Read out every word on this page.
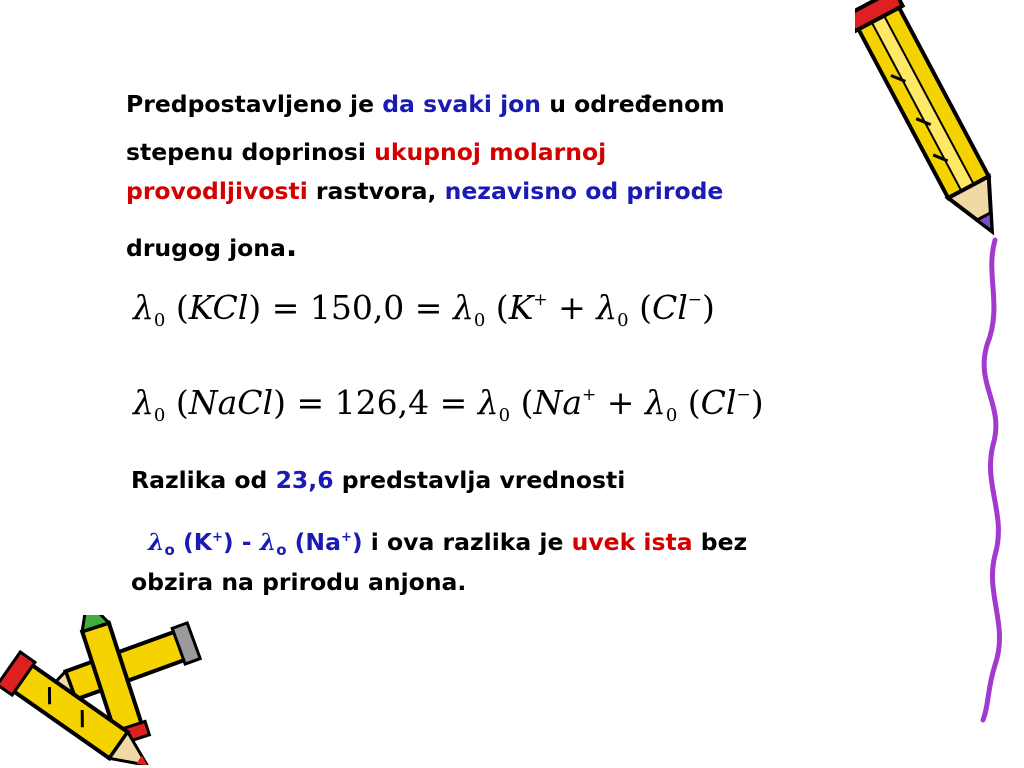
Predpostavljeno je da svaki jon u određenom
stepenu doprinosi ukupnoj molarnoj
provodljivosti rastvora, nezavisno od prirode
drugog jona.
$\lambda_0$ $(KCl) = 150,0 = \lambda_0$ ($K^+ + \lambda_0$ (Cl−)
$\lambda_0$ (NaCl) = $126,4 = \lambda_0$ ($Na^+ + \lambda_0$ (Cl−)
Razlika od 23,6 predstavlja vrednosti
$\lambda_o$ $(K^+) - \lambda_o$ (Na+) i ova razlika je uvek ista bez
obzira na prirodu anjona.
